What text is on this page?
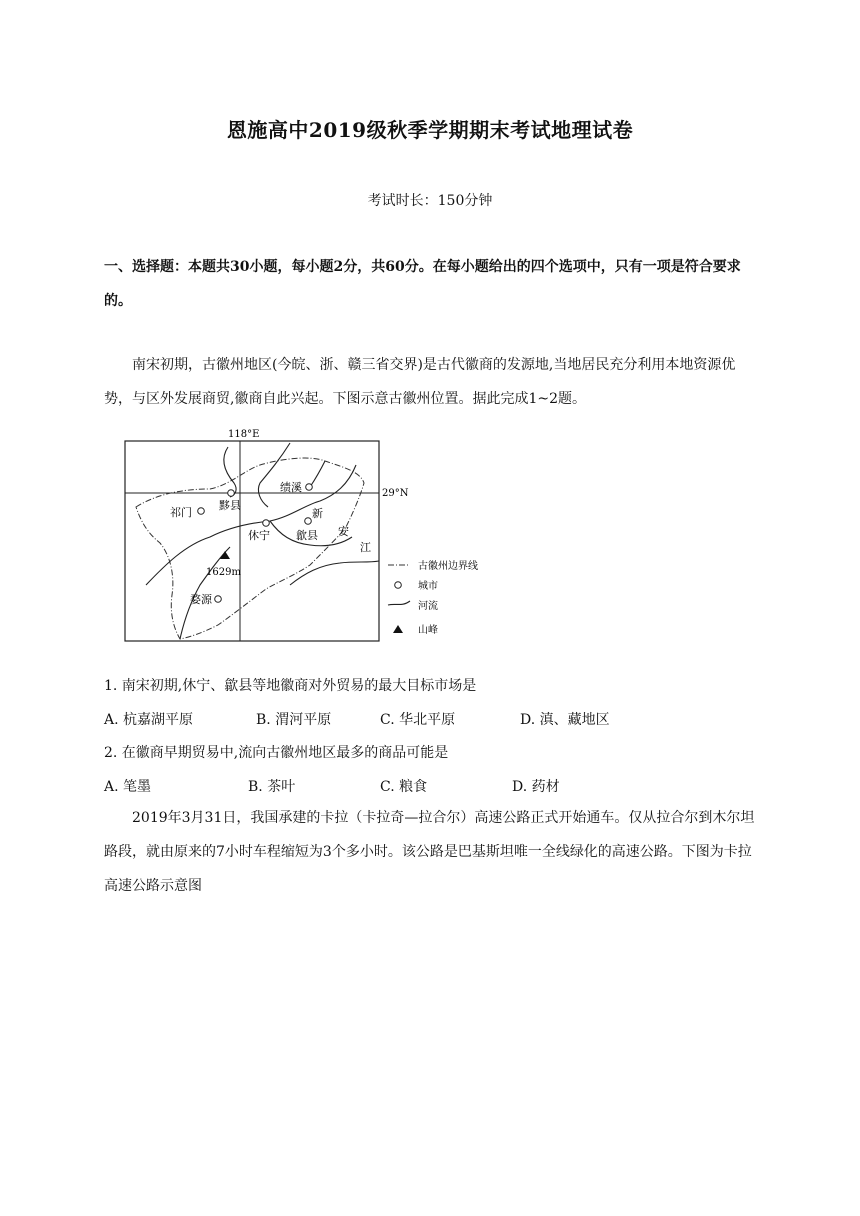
恩施高中2019级秋季学期期末考试地理试卷
考试时长：150分钟
一、选择题：本题共30小题，每小题2分，共60分。在每小题给出的四个选项中，只有一项是符合要求的。
南宋初期，古徽州地区(今皖、浙、赣三省交界)是古代徽商的发源地,当地居民充分利用本地资源优势，与区外发展商贸,徽商自此兴起。下图示意古徽州位置。据此完成1~2题。
118°E
29°N
祁门
黟县
绩溪
休宁 歙县
婺源
新
安
江
1629m
古徽州边界线
城市
河流
山峰
1. 南宋初期,休宁、歙县等地徽商对外贸易的最大目标市场是
A. 杭嘉湖平原	B. 渭河平原	C. 华北平原	D. 滇、藏地区
2. 在徽商早期贸易中,流向古徽州地区最多的商品可能是
A. 笔墨	B. 茶叶	C. 粮食	D. 药材
2019年3月31日，我国承建的卡拉（卡拉奇—拉合尔）高速公路正式开始通车。仅从拉合尔到木尔坦路段，就由原来的7小时车程缩短为3个多小时。该公路是巴基斯坦唯一全线绿化的高速公路。下图为卡拉高速公路示意图
